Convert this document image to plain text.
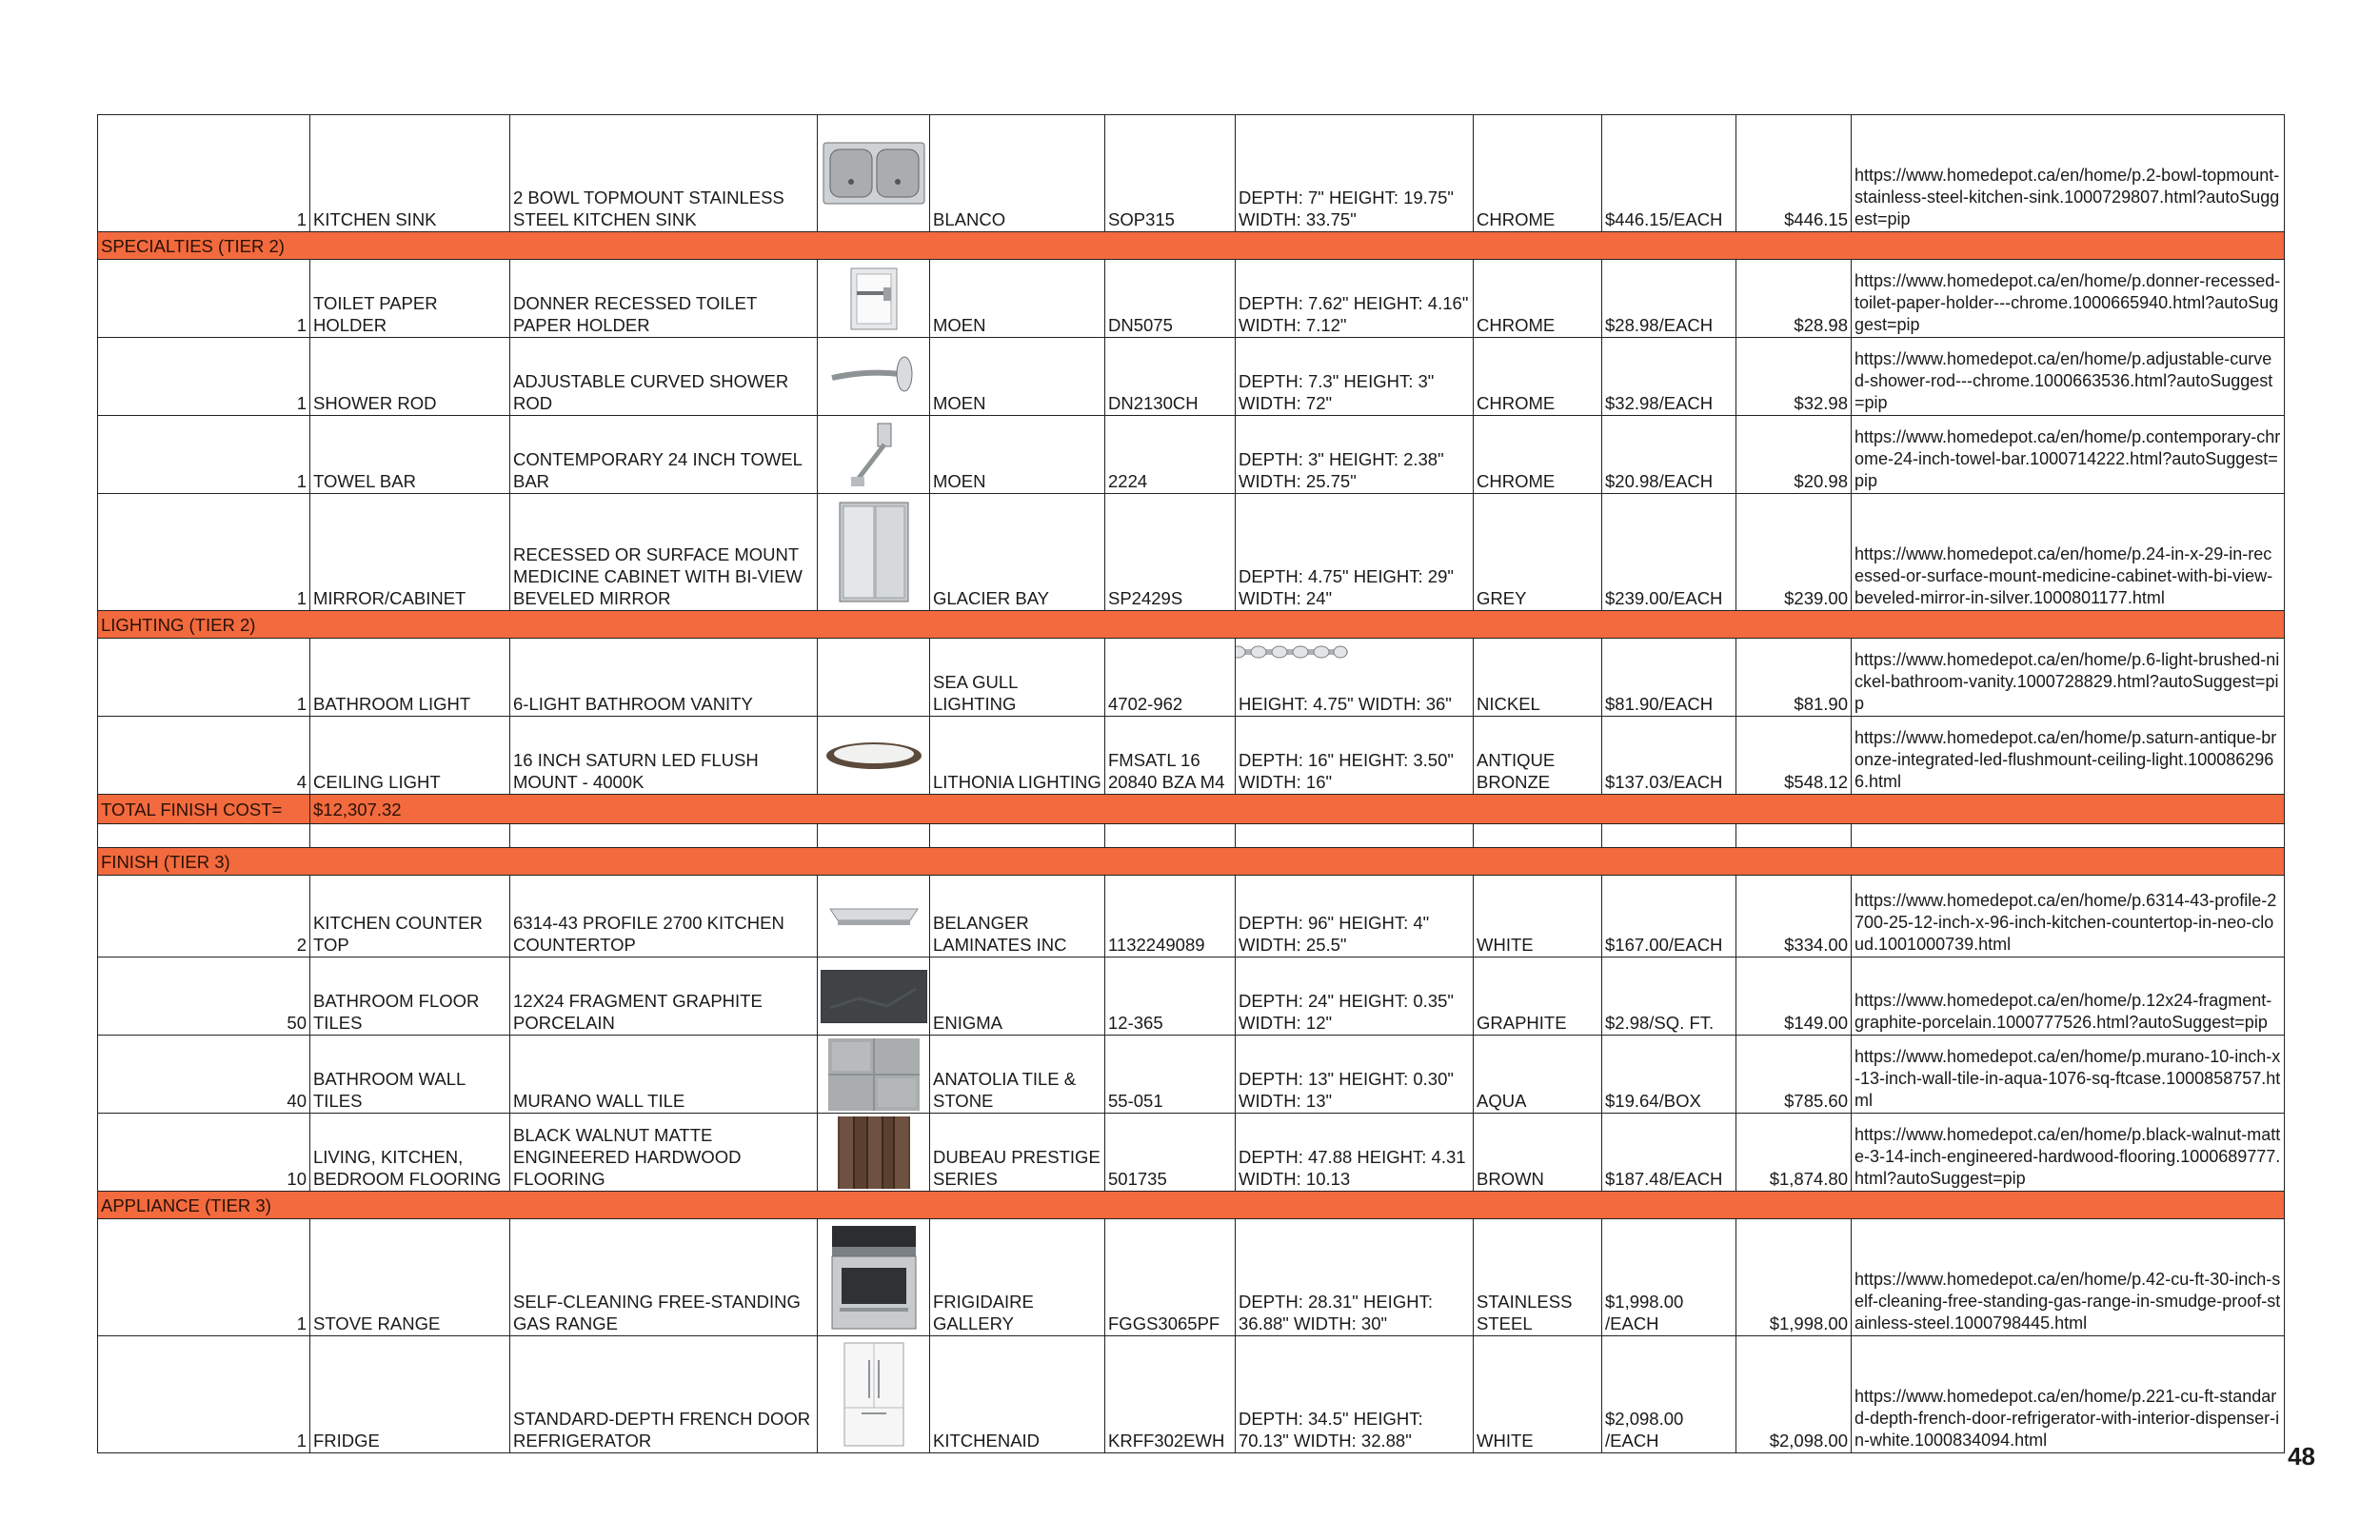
1	KITCHEN SINK	2 BOWL TOPMOUNT STAINLESS STEEL KITCHEN SINK		BLANCO	SOP315	DEPTH: 7" HEIGHT: 19.75" WIDTH: 33.75"	CHROME	$446.15/EACH	$446.15	https://www.homedepot.ca/en/home/p.2-bowl-topmount-stainless-steel-kitchen-sink.1000729807.html?autoSuggest=pip
SPECIALTIES (TIER 2)										
1	TOILET PAPER HOLDER	DONNER RECESSED TOILET PAPER HOLDER		MOEN	DN5075	DEPTH: 7.62" HEIGHT: 4.16" WIDTH: 7.12"	CHROME	$28.98/EACH	$28.98	https://www.homedepot.ca/en/home/p.donner-recessed-toilet-paper-holder---chrome.1000665940.html?autoSuggest=pip
1	SHOWER ROD	ADJUSTABLE CURVED SHOWER ROD		MOEN	DN2130CH	DEPTH: 7.3" HEIGHT: 3" WIDTH: 72"	CHROME	$32.98/EACH	$32.98	https://www.homedepot.ca/en/home/p.adjustable-curved-shower-rod---chrome.1000663536.html?autoSuggest=pip
1	TOWEL BAR	CONTEMPORARY 24 INCH TOWEL BAR		MOEN	2224	DEPTH: 3" HEIGHT: 2.38" WIDTH: 25.75"	CHROME	$20.98/EACH	$20.98	https://www.homedepot.ca/en/home/p.contemporary-chrome-24-inch-towel-bar.1000714222.html?autoSuggest=pip
1	MIRROR/CABINET	RECESSED OR SURFACE MOUNT MEDICINE CABINET WITH BI-VIEW BEVELED MIRROR		GLACIER BAY	SP2429S	DEPTH: 4.75" HEIGHT: 29" WIDTH: 24"	GREY	$239.00/EACH	$239.00	https://www.homedepot.ca/en/home/p.24-in-x-29-in-recessed-or-surface-mount-medicine-cabinet-with-bi-view-beveled-mirror-in-silver.1000801177.html
LIGHTING (TIER 2)										
1	BATHROOM LIGHT	6-LIGHT BATHROOM VANITY		SEA GULL LIGHTING	4702-962	HEIGHT: 4.75" WIDTH: 36"	NICKEL	$81.90/EACH	$81.90	https://www.homedepot.ca/en/home/p.6-light-brushed-nickel-bathroom-vanity.1000728829.html?autoSuggest=pip
4	CEILING LIGHT	16 INCH SATURN LED FLUSH MOUNT - 4000K		LITHONIA LIGHTING	FMSATL 16 20840 BZA M4	DEPTH: 16" HEIGHT: 3.50" WIDTH: 16"	ANTIQUE BRONZE	$137.03/EACH	$548.12	https://www.homedepot.ca/en/home/p.saturn-antique-bronze-integrated-led-flushmount-ceiling-light.1000862966.html
TOTAL FINISH COST=	$12,307.32									

FINISH (TIER 3)										
2	KITCHEN COUNTER TOP	6314-43 PROFILE 2700 KITCHEN COUNTERTOP		BELANGER LAMINATES INC	1132249089	DEPTH: 96" HEIGHT: 4" WIDTH: 25.5"	WHITE	$167.00/EACH	$334.00	https://www.homedepot.ca/en/home/p.6314-43-profile-2700-25-12-inch-x-96-inch-kitchen-countertop-in-neo-cloud.1001000739.html
50	BATHROOM FLOOR TILES	12X24 FRAGMENT GRAPHITE PORCELAIN		ENIGMA	12-365	DEPTH: 24" HEIGHT: 0.35" WIDTH: 12"	GRAPHITE	$2.98/SQ. FT.	$149.00	https://www.homedepot.ca/en/home/p.12x24-fragment-graphite-porcelain.1000777526.html?autoSuggest=pip
40	BATHROOM WALL TILES	MURANO WALL TILE		ANATOLIA TILE & STONE	55-051	DEPTH: 13" HEIGHT: 0.30" WIDTH: 13"	AQUA	$19.64/BOX	$785.60	https://www.homedepot.ca/en/home/p.murano-10-inch-x-13-inch-wall-tile-in-aqua-1076-sq-ftcase.1000858757.html
10	LIVING, KITCHEN, BEDROOM FLOORING	BLACK WALNUT MATTE ENGINEERED HARDWOOD FLOORING		DUBEAU PRESTIGE SERIES	501735	DEPTH: 47.88 HEIGHT: 4.31 WIDTH: 10.13	BROWN	$187.48/EACH	$1,874.80	https://www.homedepot.ca/en/home/p.black-walnut-matte-3-14-inch-engineered-hardwood-flooring.1000689777.html?autoSuggest=pip
APPLIANCE (TIER 3)										
1	STOVE RANGE	SELF-CLEANING FREE-STANDING GAS RANGE		FRIGIDAIRE GALLERY	FGGS3065PF	DEPTH: 28.31" HEIGHT: 36.88" WIDTH: 30"	STAINLESS STEEL	$1,998.00 /EACH	$1,998.00	https://www.homedepot.ca/en/home/p.42-cu-ft-30-inch-self-cleaning-free-standing-gas-range-in-smudge-proof-stainless-steel.1000798445.html
1	FRIDGE	STANDARD-DEPTH FRENCH DOOR REFRIGERATOR		KITCHENAID	KRFF302EWH	DEPTH: 34.5" HEIGHT: 70.13" WIDTH: 32.88"	WHITE	$2,098.00 /EACH	$2,098.00	https://www.homedepot.ca/en/home/p.221-cu-ft-standard-depth-french-door-refrigerator-with-interior-dispenser-in-white.1000834094.html
48
